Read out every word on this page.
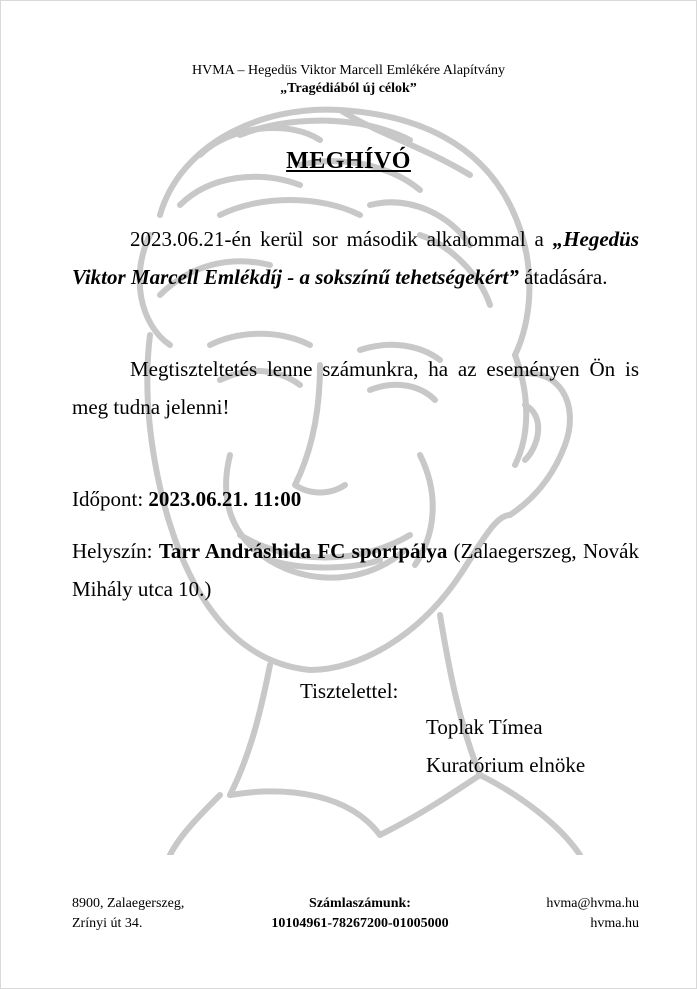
HVMA – Hegedüs Viktor Marcell Emlékére Alapítvány
„Tragédiából új célok”
MEGHÍVÓ
2023.06.21-én kerül sor második alkalommal a „Hegedüs Viktor Marcell Emlékdíj - a sokszínű tehetségekért” átadására.
Megtiszteltetés lenne számunkra, ha az eseményen Ön is meg tudna jelenni!
Időpont: 2023.06.21. 11:00
Helyszín: Tarr Andráshida FC sportpálya (Zalaegerszeg, Novák Mihály utca 10.)
Tisztelettel:
Toplak Tímea
Kuratórium elnöke
8900, Zalaegerszeg,
Zrínyi út 34.
Számlaszámunk:
10104961-78267200-01005000
hvma@hvma.hu
hvma.hu
